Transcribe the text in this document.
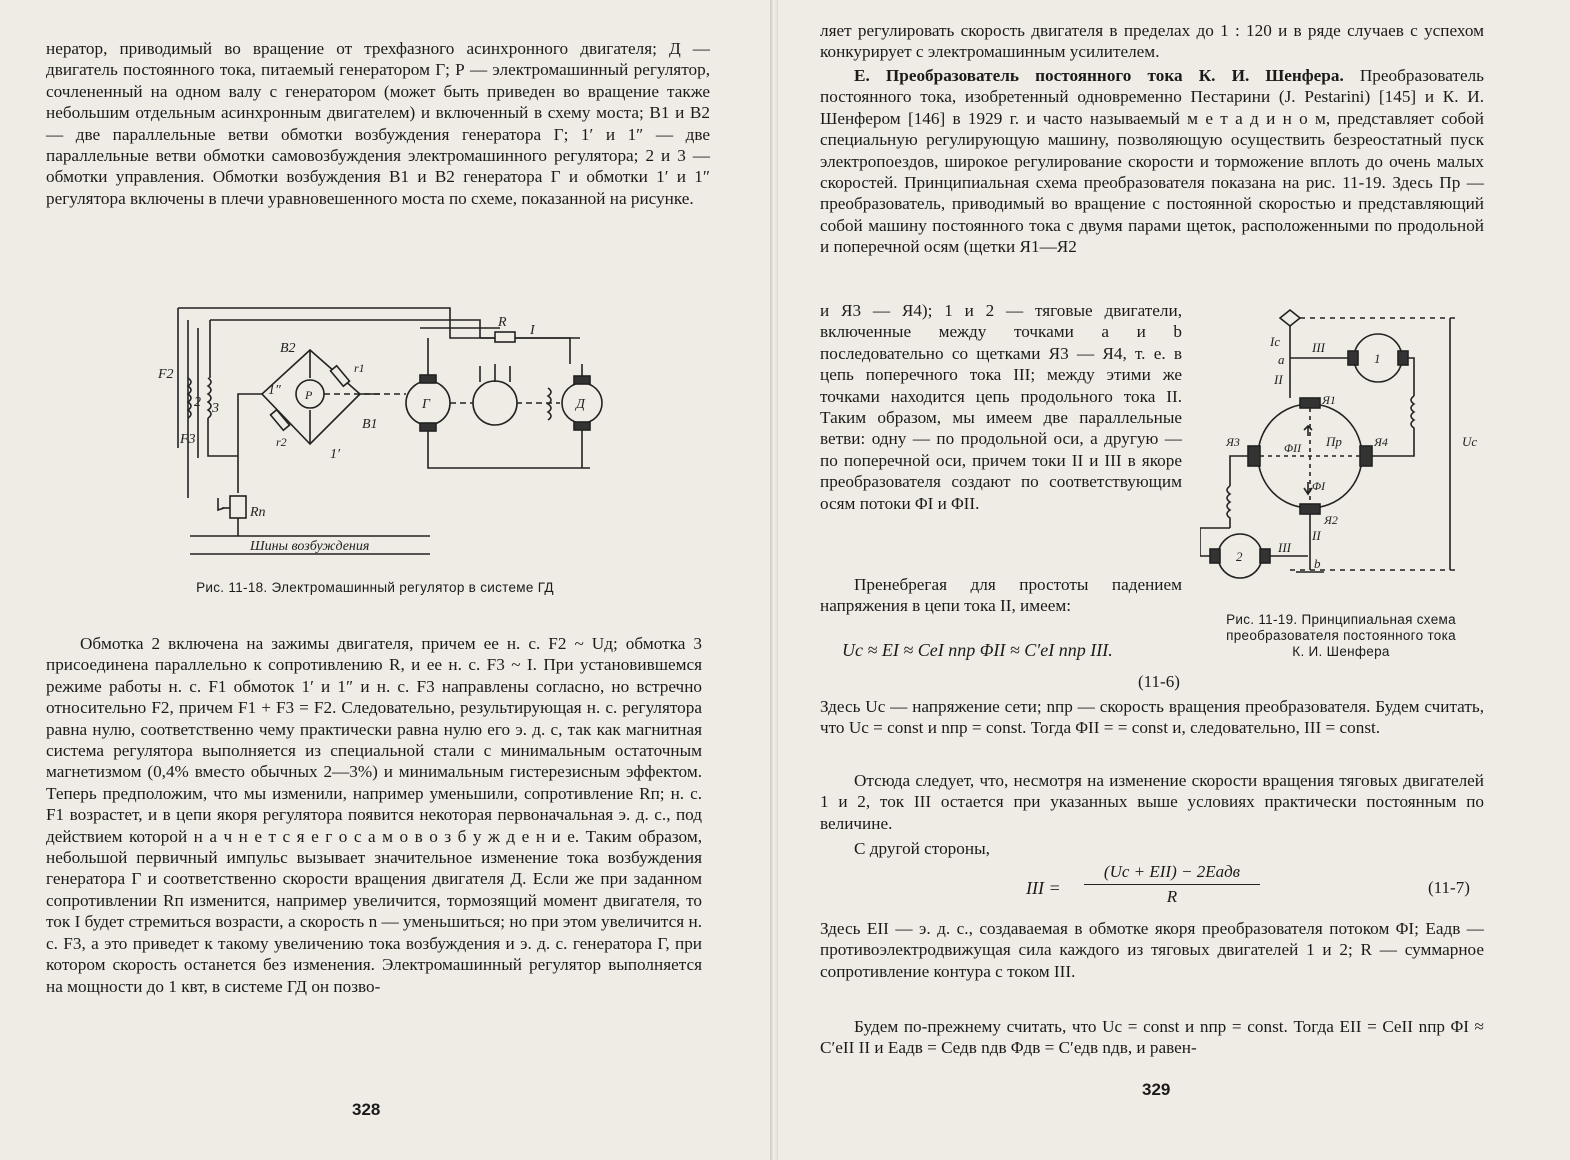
нератор, приводимый во вращение от трехфазного асинхронного двигателя; Д — двигатель постоянного тока, питаемый генератором Г; Р — электромашинный регулятор, сочлененный на одном валу с генератором (может быть приведен во вращение также небольшим отдельным асинхронным двигателем) и включенный в схему моста; B1 и B2 — две параллельные ветви обмотки возбуждения генератора Г; 1′ и 1″ — две параллельные ветви обмотки самовозбуждения электромашинного регулятора; 2 и 3 — обмотки управления. Обмотки возбуждения B1 и B2 генератора Г и обмотки 1′ и 1″ регулятора включены в плечи уравновешенного моста по схеме, показанной на рисунке.

F2
2 3
F3
B2
1″ Р
r1
r2
B1
1′
Г	Д
R
I
Rп
Шины возбуждения
Рис. 11-18. Электромашинный регулятор в системе ГД

Обмотка 2 включена на зажимы двигателя, причем ее н. с. F2 ~ Uд; обмотка 3 присоединена параллельно к сопротивлению R, и ее н. с. F3 ~ I. При установившемся режиме работы н. с. F1 обмоток 1′ и 1″ и н. с. F3 направлены согласно, но встречно относительно F2, причем F1 + F3 = F2. Следовательно, результирующая н. с. регулятора равна нулю, соответственно чему практически равна нулю его э. д. с, так как магнитная система регулятора выполняется из специальной стали с минимальным остаточным магнетизмом (0,4% вместо обычных 2—3%) и минимальным гистерезисным эффектом. Теперь предположим, что мы изменили, например уменьшили, сопротивление Rп; н. с. F1 возрастет, и в цепи якоря регулятора появится некоторая первоначальная э. д. с., под действием которой н а ч н е т с я е г о с а м о в о з б у ж д е н и е. Таким образом, небольшой первичный импульс вызывает значительное изменение тока возбуждения генератора Г и соответственно скорости вращения двигателя Д. Если же при заданном сопротивлении Rп изменится, например увеличится, тормозящий момент двигателя, то ток I будет стремиться возрасти, а скорость n — уменьшиться; но при этом увеличится н. с. F3, а это приведет к такому увеличению тока возбуждения и э. д. с. генератора Г, при котором скорость останется без изменения. Электромашинный регулятор выполняется на мощности до 1 квт, в системе ГД он позво-

328

ляет регулировать скорость двигателя в пределах до 1 : 120 и в ряде случаев с успехом конкурирует с электромашинным усилителем.

Е. Преобразователь постоянного тока К. И. Шенфера. Преобразователь постоянного тока, изобретенный одновременно Пестарини (J. Pestarini) [145] и К. И. Шенфером [146] в 1929 г. и часто называемый м е т а д и н о м, представляет собой специальную регулирующую машину, позволяющую осуществить безреостатный пуск электропоездов, широкое регулирование скорости и торможение вплоть до очень малых скоростей. Принципиальная схема преобразователя показана на рис. 11-19. Здесь Пр — преобразователь, приводимый во вращение с постоянной скоростью и представляющий собой машину постоянного тока с двумя парами щеток, расположенными по продольной и поперечной осям (щетки Я1—Я2

и Я3 — Я4); 1 и 2 — тяговые двигатели, включенные между точками a и b последовательно со щетками Я3 — Я4, т. е. в цепь поперечного тока III; между этими же точками находится цепь продольного тока II. Таким образом, мы имеем две параллельные ветви: одну — по продольной оси, а другую — по поперечной оси, причем токи II и III в якоре преобразователя создают по соответствующим осям потоки ΦI и ΦII.

Пренебрегая для простоты падением напряжения в цепи тока II, имеем:

Uс ≈ EI ≈ CeI nпр ΦII ≈ C′eI nпр III.
(11-6)
Ic III
a
II
1
Я1
Я3	Я4
ΦII Пр
ΦI
Я2
II
III
b
2
Uc
Рис. 11-19. Принципиальная схема
преобразователя постоянного тока
К. И. Шенфера

Здесь Uс — напряжение сети; nпр — скорость вращения преобразователя. Будем считать, что Uс = const и nпр = const. Тогда ΦII = = const и, следовательно, III = const.

Отсюда следует, что, несмотря на изменение скорости вращения тяговых двигателей 1 и 2, ток III остается при указанных выше условиях практически постоянным по величине.

С другой стороны,

III =
(Uс + EII) − 2Eадв
R	(11-7)

Здесь EII — э. д. с., создаваемая в обмотке якоря преобразователя потоком ΦI; Eадв — противоэлектродвижущая сила каждого из тяговых двигателей 1 и 2; R — суммарное сопротивление контура с током III.

Будем по-прежнему считать, что Uс = const и nпр = const. Тогда EII = CeII nпр ΦI ≈ C′eII II и Eадв = Cедв nдв Φдв = C′едв nдв, и равен-

329
